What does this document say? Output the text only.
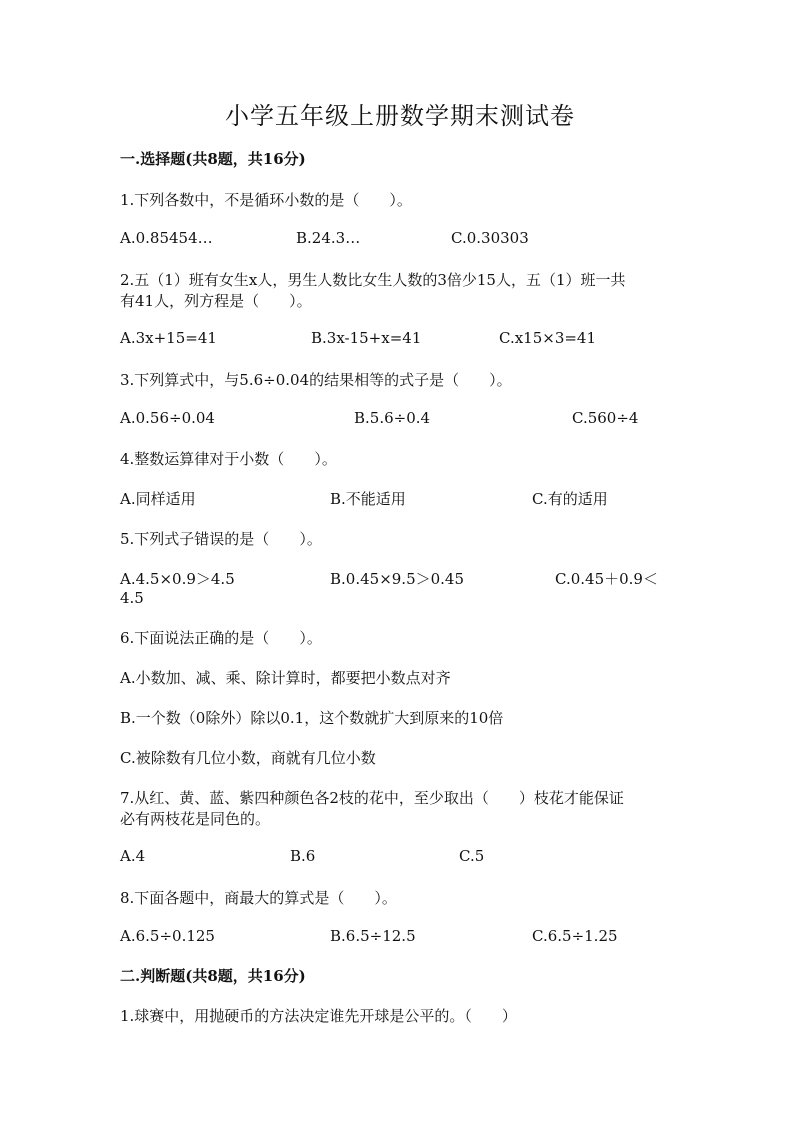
小学五年级上册数学期末测试卷
一.选择题(共8题，共16分)
1.下列各数中，不是循环小数的是（　　）。
A.0.85454…	B.24.3…	C.0.30303
2.五（1）班有女生x人，男生人数比女生人数的3倍少15人，五（1）班一共
有41人，列方程是（　　）。
A.3x+15=41	B.3x-15+x=41	C.x15×3=41
3.下列算式中，与5.6÷0.04的结果相等的式子是（　　）。
A.0.56÷0.04	B.5.6÷0.4	C.560÷4
4.整数运算律对于小数（　　）。
A.同样适用	B.不能适用	C.有的适用
5.下列式子错误的是（　　）。
A.4.5×0.9＞4.5	B.0.45×9.5＞0.45	C.0.45＋0.9＜
4.5
6.下面说法正确的是（　　）。
A.小数加、减、乘、除计算时，都要把小数点对齐
B.一个数（0除外）除以0.1，这个数就扩大到原来的10倍
C.被除数有几位小数，商就有几位小数
7.从红、黄、蓝、紫四种颜色各2枝的花中，至少取出（　　）枝花才能保证
必有两枝花是同色的。
A.4	B.6	C.5
8.下面各题中，商最大的算式是（　　）。
A.6.5÷0.125	B.6.5÷12.5	C.6.5÷1.25
二.判断题(共8题，共16分)
1.球赛中，用抛硬币的方法决定谁先开球是公平的。（　　）
